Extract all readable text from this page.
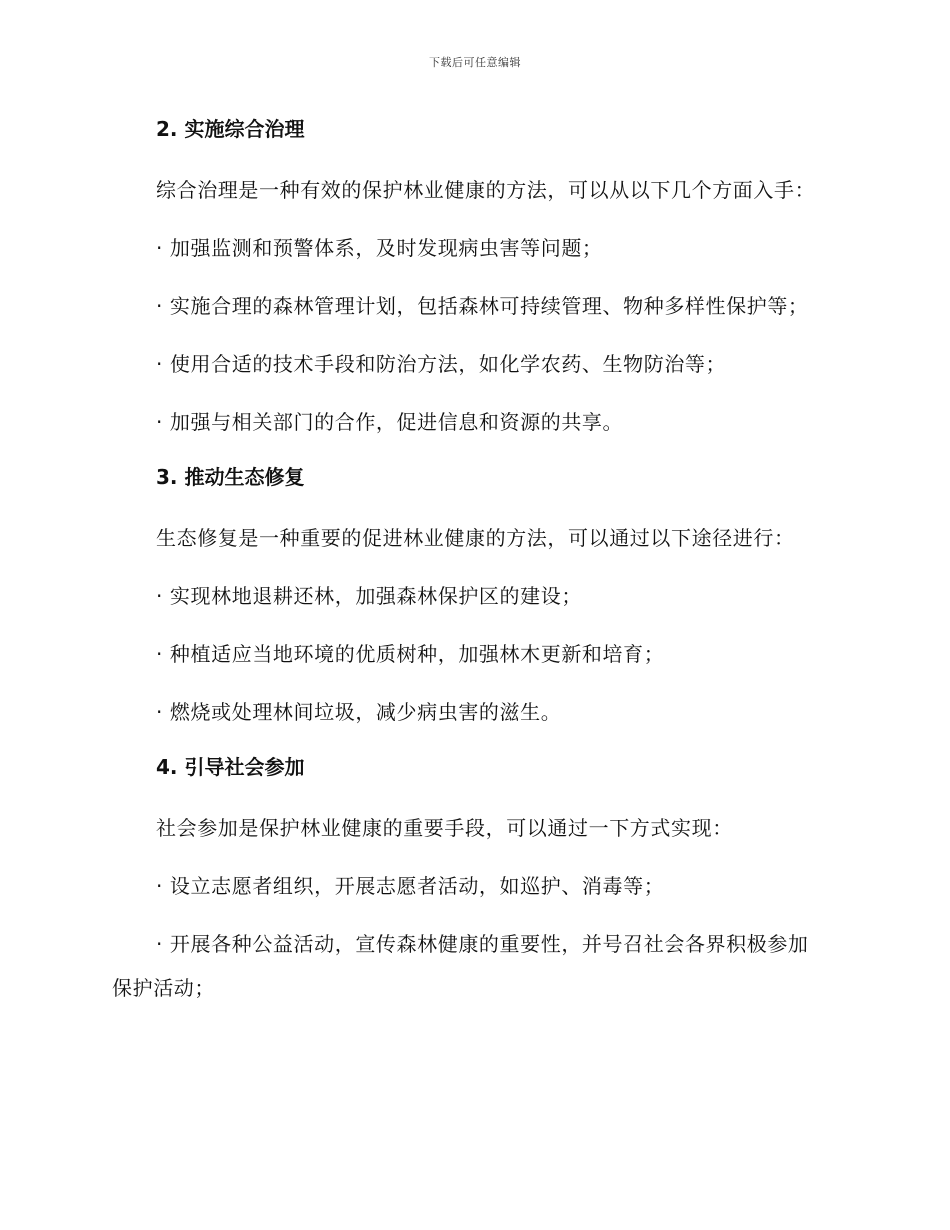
下载后可任意编辑

2. 实施综合治理

综合治理是一种有效的保护林业健康的方法，可以从以下几个方面入手：

· 加强监测和预警体系，及时发现病虫害等问题；

· 实施合理的森林管理计划，包括森林可持续管理、物种多样性保护等；

· 使用合适的技术手段和防治方法，如化学农药、生物防治等；

· 加强与相关部门的合作，促进信息和资源的共享。

3. 推动生态修复

生态修复是一种重要的促进林业健康的方法，可以通过以下途径进行：

· 实现林地退耕还林，加强森林保护区的建设；

· 种植适应当地环境的优质树种，加强林木更新和培育；

· 燃烧或处理林间垃圾，减少病虫害的滋生。

4. 引导社会参加

社会参加是保护林业健康的重要手段，可以通过一下方式实现：

· 设立志愿者组织，开展志愿者活动，如巡护、消毒等；

· 开展各种公益活动，宣传森林健康的重要性，并号召社会各界积极参加保护活动；
